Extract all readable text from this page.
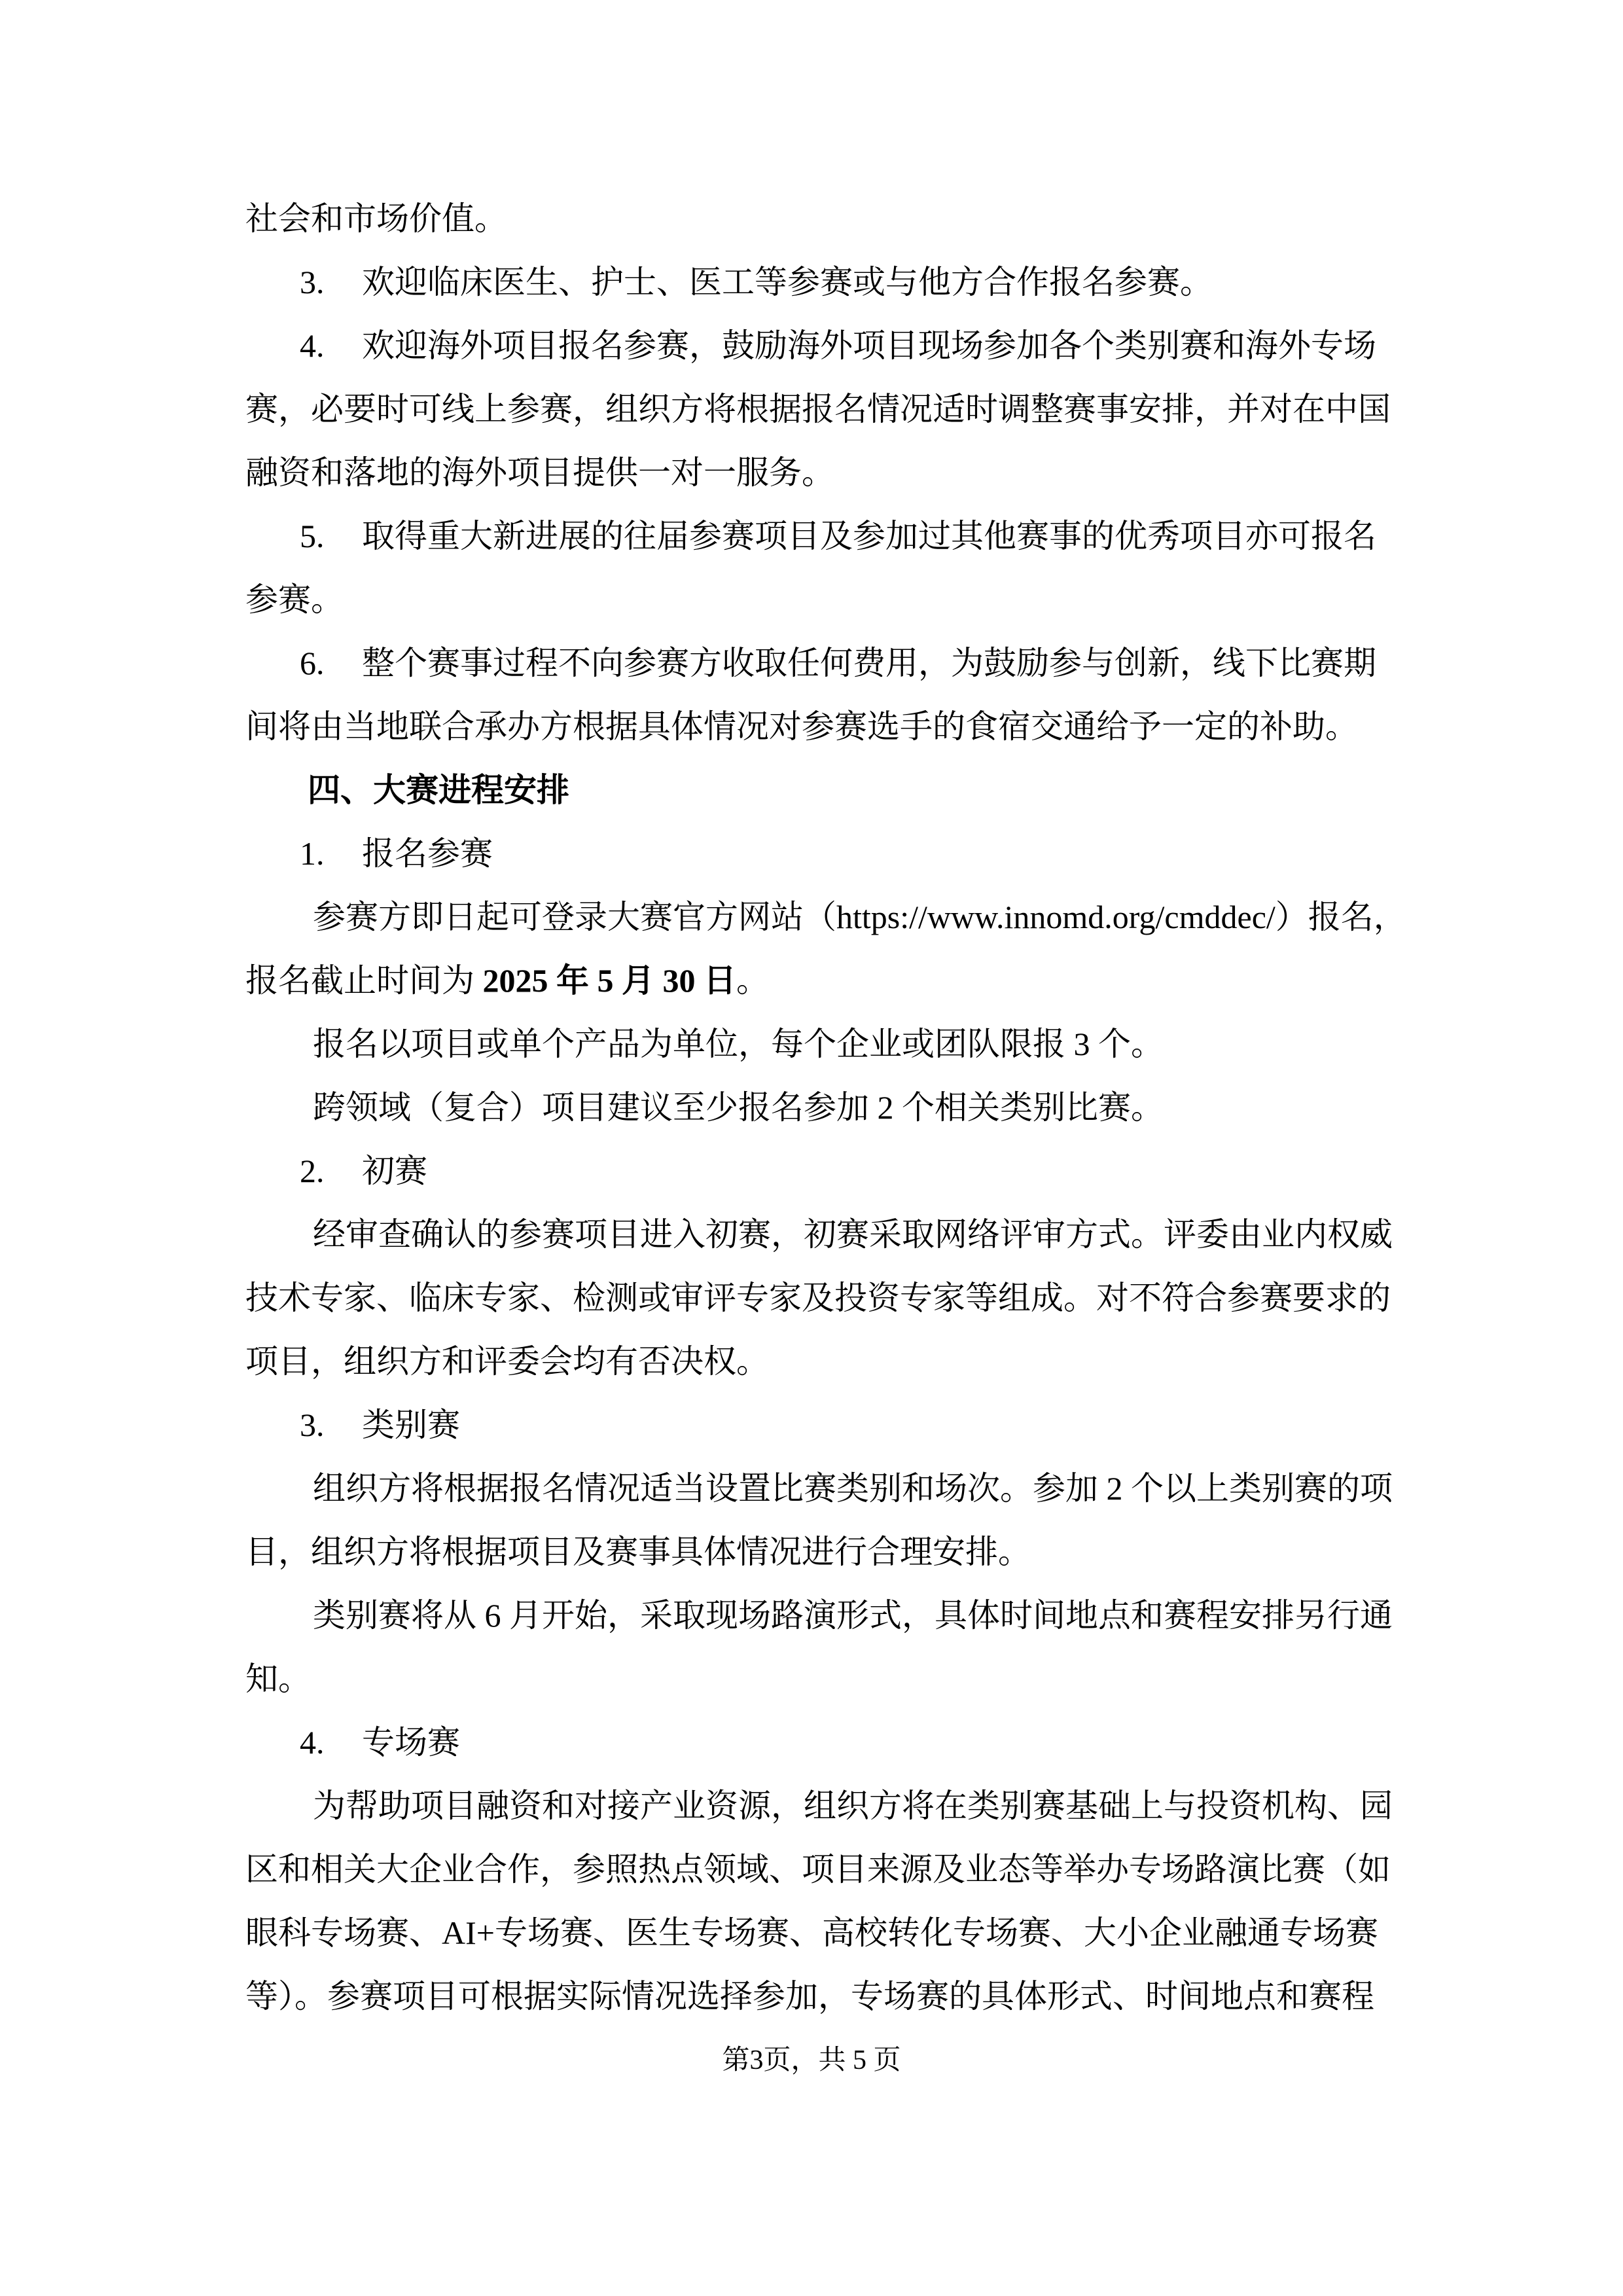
社会和市场价值。
3. 欢迎临床医生、护士、医工等参赛或与他方合作报名参赛。
4. 欢迎海外项目报名参赛，鼓励海外项目现场参加各个类别赛和海外专场
赛，必要时可线上参赛，组织方将根据报名情况适时调整赛事安排，并对在中国
融资和落地的海外项目提供一对一服务。
5. 取得重大新进展的往届参赛项目及参加过其他赛事的优秀项目亦可报名
参赛。
6. 整个赛事过程不向参赛方收取任何费用，为鼓励参与创新，线下比赛期
间将由当地联合承办方根据具体情况对参赛选手的食宿交通给予一定的补助。
四、大赛进程安排
1. 报名参赛
参赛方即日起可登录大赛官方网站（https://www.innomd.org/cmddec/）报名，
报名截止时间为 2025 年 5 月 30 日。
报名以项目或单个产品为单位，每个企业或团队限报 3 个。
跨领域（复合）项目建议至少报名参加 2 个相关类别比赛。
2. 初赛
经审查确认的参赛项目进入初赛，初赛采取网络评审方式。评委由业内权威
技术专家、临床专家、检测或审评专家及投资专家等组成。对不符合参赛要求的
项目，组织方和评委会均有否决权。
3. 类别赛
组织方将根据报名情况适当设置比赛类别和场次。参加 2 个以上类别赛的项
目，组织方将根据项目及赛事具体情况进行合理安排。
类别赛将从 6 月开始，采取现场路演形式，具体时间地点和赛程安排另行通
知。
4. 专场赛
为帮助项目融资和对接产业资源，组织方将在类别赛基础上与投资机构、园
区和相关大企业合作，参照热点领域、项目来源及业态等举办专场路演比赛（如
眼科专场赛、AI+专场赛、医生专场赛、高校转化专场赛、大小企业融通专场赛
等）。参赛项目可根据实际情况选择参加，专场赛的具体形式、时间地点和赛程
第3页，共 5 页
